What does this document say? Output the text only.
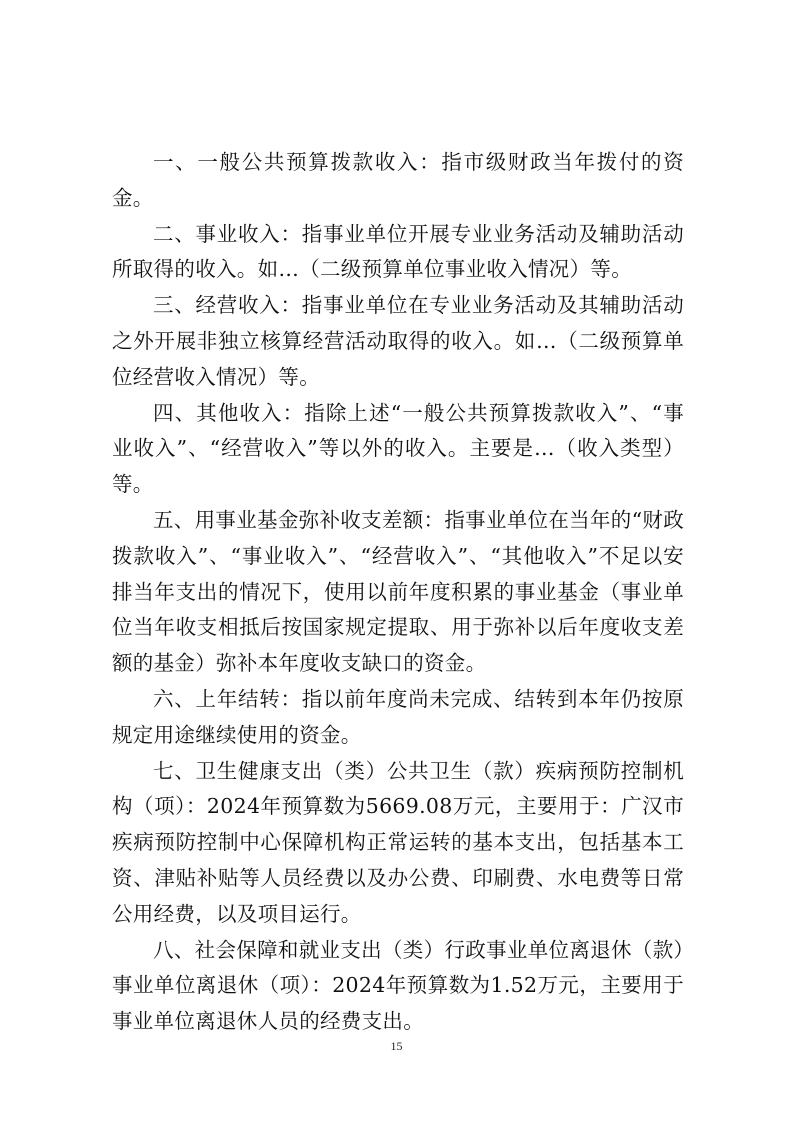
一、一般公共预算拨款收入：指市级财政当年拨付的资金。

二、事业收入：指事业单位开展专业业务活动及辅助活动所取得的收入。如…（二级预算单位事业收入情况）等。

三、经营收入：指事业单位在专业业务活动及其辅助活动之外开展非独立核算经营活动取得的收入。如…（二级预算单位经营收入情况）等。

四、其他收入：指除上述“一般公共预算拨款收入”、“事业收入”、“经营收入”等以外的收入。主要是…（收入类型）等。

五、用事业基金弥补收支差额：指事业单位在当年的“财政拨款收入”、“事业收入”、“经营收入”、“其他收入”不足以安排当年支出的情况下，使用以前年度积累的事业基金（事业单位当年收支相抵后按国家规定提取、用于弥补以后年度收支差额的基金）弥补本年度收支缺口的资金。

六、上年结转：指以前年度尚未完成、结转到本年仍按原规定用途继续使用的资金。

七、卫生健康支出（类）公共卫生（款）疾病预防控制机构（项）：2024年预算数为5669.08万元，主要用于：广汉市疾病预防控制中心保障机构正常运转的基本支出，包括基本工资、津贴补贴等人员经费以及办公费、印刷费、水电费等日常公用经费，以及项目运行。

八、社会保障和就业支出（类）行政事业单位离退休（款）事业单位离退休（项）：2024年预算数为1.52万元，主要用于事业单位离退休人员的经费支出。

15
